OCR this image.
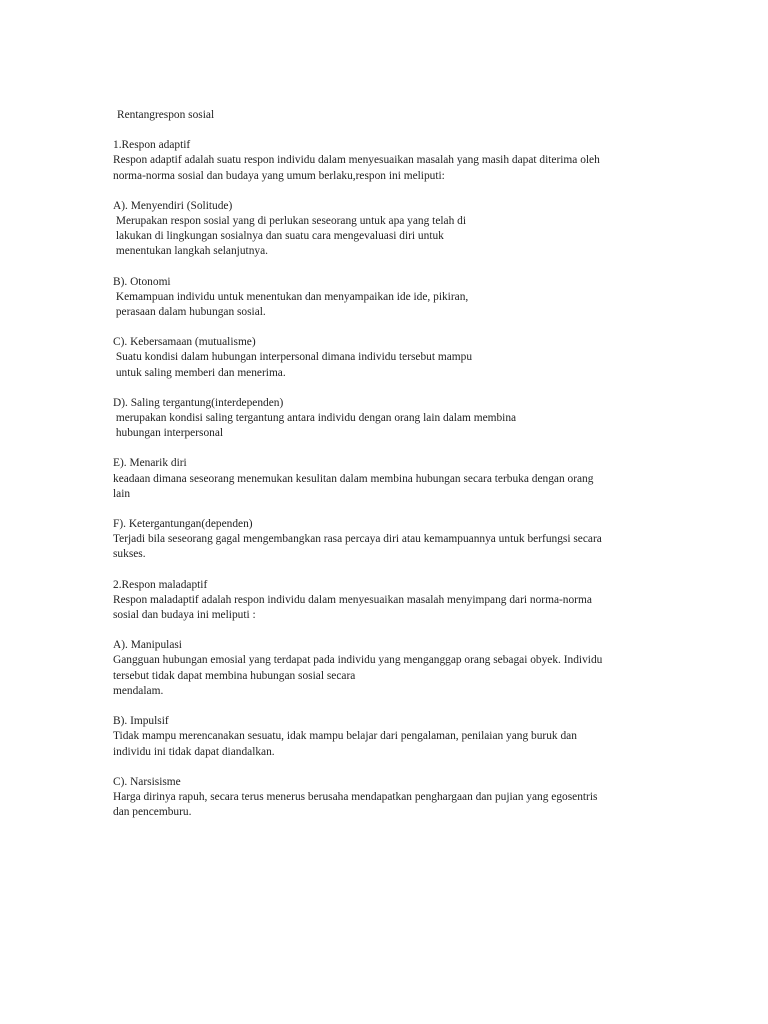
Rentangrespon sosial
1.Respon adaptif
Respon adaptif adalah suatu respon individu dalam menyesuaikan masalah yang masih dapat diterima oleh
norma-norma sosial dan budaya yang umum berlaku,respon ini meliputi:
A). Menyendiri (Solitude)
Merupakan respon sosial yang di perlukan seseorang untuk apa yang telah di
lakukan di lingkungan sosialnya dan suatu cara mengevaluasi diri untuk
menentukan langkah selanjutnya.
B). Otonomi
Kemampuan individu untuk menentukan dan menyampaikan ide ide, pikiran,
perasaan dalam hubungan sosial.
C). Kebersamaan (mutualisme)
Suatu kondisi dalam hubungan interpersonal dimana individu tersebut mampu
untuk saling memberi dan menerima.
D). Saling tergantung(interdependen)
merupakan kondisi saling tergantung antara individu dengan orang lain dalam membina
hubungan interpersonal
E). Menarik diri
keadaan dimana seseorang menemukan kesulitan dalam membina hubungan secara terbuka dengan orang
lain
F). Ketergantungan(dependen)
Terjadi bila seseorang gagal mengembangkan rasa percaya diri atau kemampuannya untuk berfungsi secara
sukses.
2.Respon maladaptif
Respon maladaptif adalah respon individu dalam menyesuaikan masalah menyimpang dari norma-norma
sosial dan budaya ini meliputi :
A). Manipulasi
Gangguan hubungan emosial yang terdapat pada individu yang menganggap orang sebagai obyek. Individu
tersebut tidak dapat membina hubungan sosial secara
mendalam.
B). Impulsif
Tidak mampu merencanakan sesuatu, idak mampu belajar dari pengalaman, penilaian yang buruk dan
individu ini tidak dapat diandalkan.
C). Narsisisme
Harga dirinya rapuh, secara terus menerus berusaha mendapatkan penghargaan dan pujian yang egosentris
dan pencemburu.
